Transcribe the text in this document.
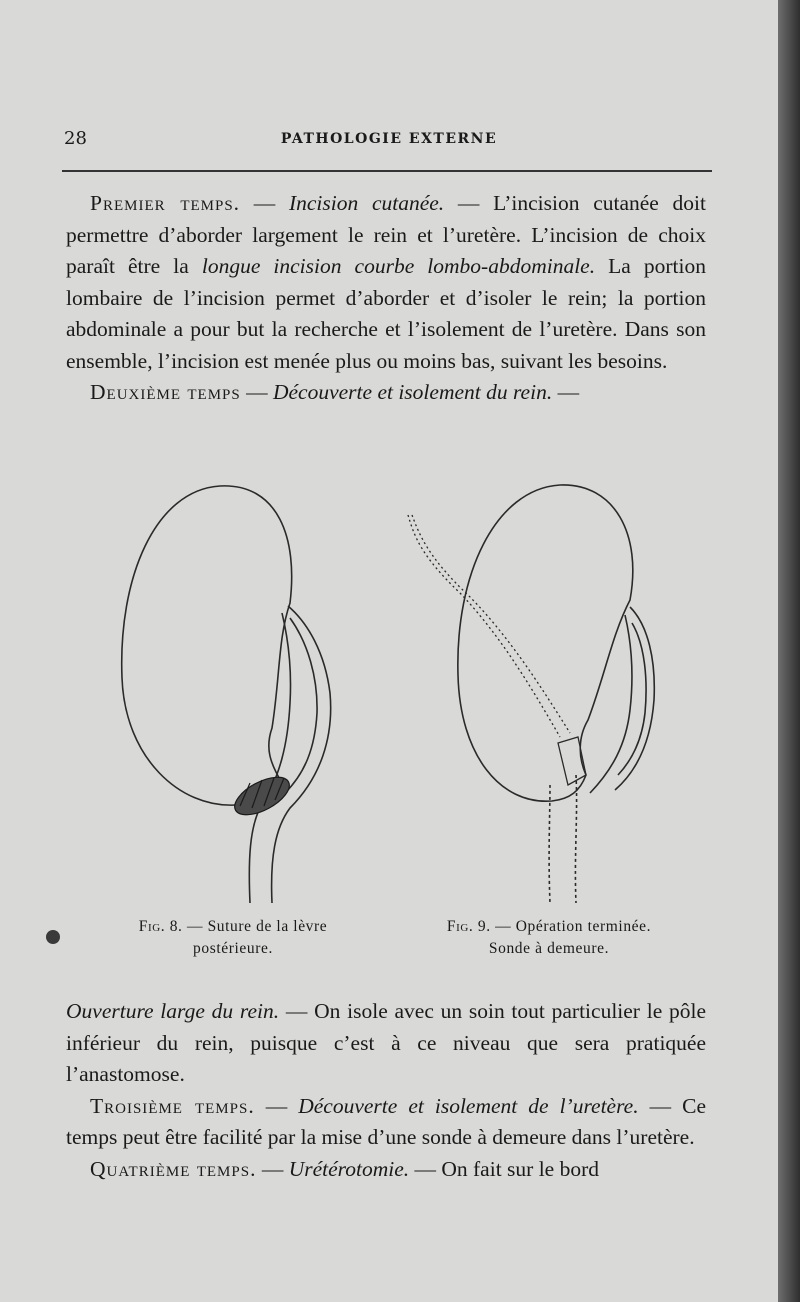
28	PATHOLOGIE EXTERNE

Premier temps. — Incision cutanée. — L’incision cutanée doit permettre d’aborder largement le rein et l’uretère. L’incision de choix paraît être la longue incision courbe lombo-abdominale. La portion lombaire de l’incision permet d’aborder et d’isoler le rein; la portion abdominale a pour but la recherche et l’isolement de l’uretère. Dans son ensemble, l’incision est menée plus ou moins bas, suivant les besoins.

Deuxième temps — Découverte et isolement du rein. —

Fig. 8. — Suture de la lèvre
postérieure.
Fig. 9. — Opération terminée.
Sonde à demeure.

Ouverture large du rein. — On isole avec un soin tout particulier le pôle inférieur du rein, puisque c’est à ce niveau que sera pratiquée l’anastomose.

Troisième temps. — Découverte et isolement de l’uretère. — Ce temps peut être facilité par la mise d’une sonde à demeure dans l’uretère.

Quatrième temps. — Urétérotomie. — On fait sur le bord
